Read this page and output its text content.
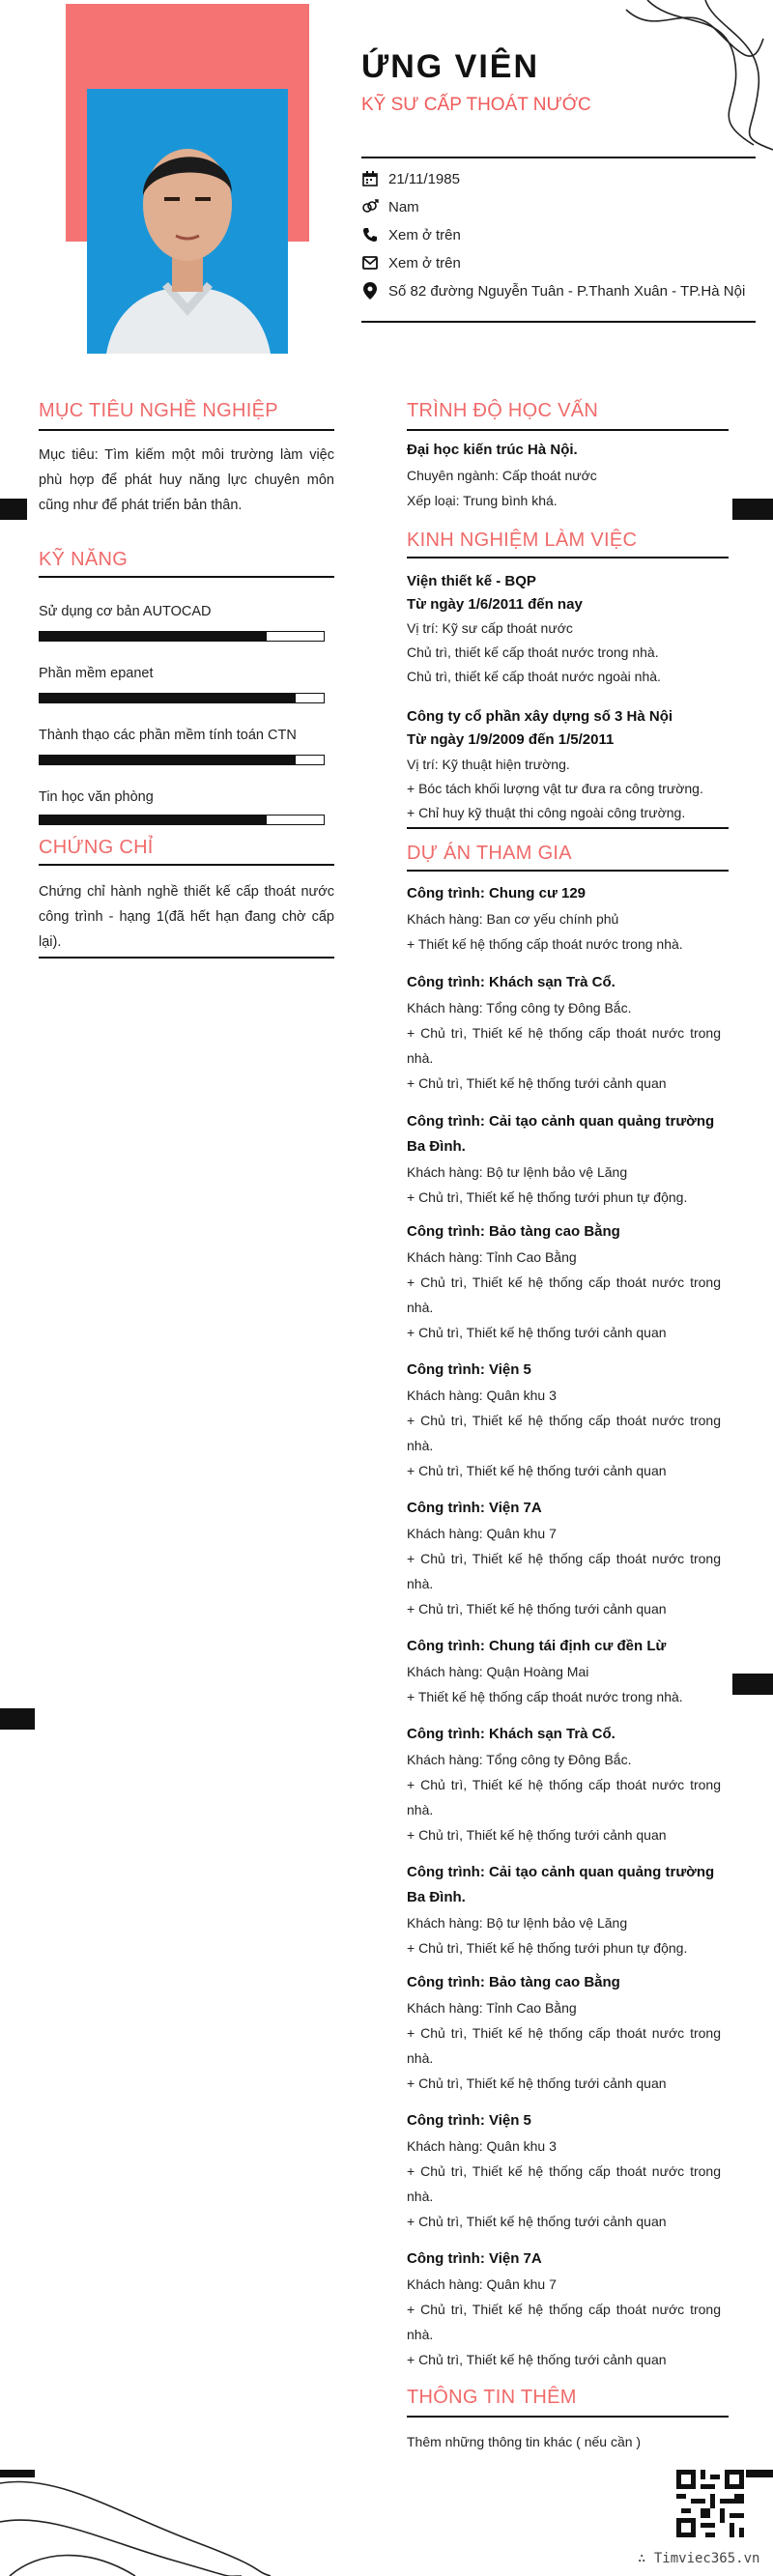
ỨNG VIÊN
KỸ SƯ CẤP THOÁT NƯỚC
21/11/1985
Nam
Xem ở trên
Xem ở trên
Số 82 đường Nguyễn Tuân - P.Thanh Xuân - TP.Hà Nội
MỤC TIÊU NGHỀ NGHIỆP
Mục tiêu: Tìm kiếm một môi trường làm việc phù hợp để phát huy năng lực chuyên môn cũng như để phát triển bản thân.
KỸ NĂNG
Sử dụng cơ bản AUTOCAD
Phần mềm epanet
Thành thạo các phần mềm tính toán CTN
Tin học văn phòng
CHỨNG CHỈ
Chứng chỉ hành nghề thiết kế cấp thoát nước công trình - hạng 1(đã hết hạn đang chờ cấp lại).
TRÌNH ĐỘ HỌC VẤN
Đại học kiến trúc Hà Nội.
Chuyên ngành: Cấp thoát nước
Xếp loại: Trung bình khá.
KINH NGHIỆM LÀM VIỆC
Viện thiết kế - BQP
Từ ngày 1/6/2011 đến nay
Vị trí: Kỹ sư cấp thoát nước
Chủ trì, thiết kế cấp thoát nước trong nhà.
Chủ trì, thiết kế cấp thoát nước ngoài nhà.
Công ty cổ phần xây dựng số 3 Hà Nội
Từ ngày 1/9/2009 đến 1/5/2011
Vị trí: Kỹ thuật hiện trường.
+ Bóc tách khối lượng vật tư đưa ra công trường.
+ Chỉ huy kỹ thuật thi công ngoài công trường.
DỰ ÁN THAM GIA
Công trình: Chung cư 129
Khách hàng: Ban cơ yếu chính phủ
+ Thiết kế hệ thống cấp thoát nước trong nhà.
Công trình: Khách sạn Trà Cổ.
Khách hàng: Tổng công ty Đông Bắc.
+ Chủ trì, Thiết kế hệ thống cấp thoát nước trong nhà.
+ Chủ trì, Thiết kế hệ thống tưới cảnh quan
Công trình: Cải tạo cảnh quan quảng trường Ba Đình.
Khách hàng: Bộ tư lệnh bảo vệ Lăng
+ Chủ trì, Thiết kế hệ thống tưới phun tự động.
Công trình: Bảo tàng cao Bằng
Khách hàng: Tỉnh Cao Bằng
+ Chủ trì, Thiết kế hệ thống cấp thoát nước trong nhà.
+ Chủ trì, Thiết kế hệ thống tưới cảnh quan
Công trình: Viện 5
Khách hàng: Quân khu 3
+ Chủ trì, Thiết kế hệ thống cấp thoát nước trong nhà.
+ Chủ trì, Thiết kế hệ thống tưới cảnh quan
Công trình: Viện 7A
Khách hàng: Quân khu 7
+ Chủ trì, Thiết kế hệ thống cấp thoát nước trong nhà.
+ Chủ trì, Thiết kế hệ thống tưới cảnh quan
Công trình: Chung tái định cư đền Lừ
Khách hàng: Quận Hoàng Mai
+ Thiết kế hệ thống cấp thoát nước trong nhà.
Công trình: Khách sạn Trà Cổ.
Khách hàng: Tổng công ty Đông Bắc.
+ Chủ trì, Thiết kế hệ thống cấp thoát nước trong nhà.
+ Chủ trì, Thiết kế hệ thống tưới cảnh quan
Công trình: Cải tạo cảnh quan quảng trường Ba Đình.
Khách hàng: Bộ tư lệnh bảo vệ Lăng
+ Chủ trì, Thiết kế hệ thống tưới phun tự động.
Công trình: Bảo tàng cao Bằng
Khách hàng: Tỉnh Cao Bằng
+ Chủ trì, Thiết kế hệ thống cấp thoát nước trong nhà.
+ Chủ trì, Thiết kế hệ thống tưới cảnh quan
Công trình: Viện 5
Khách hàng: Quân khu 3
+ Chủ trì, Thiết kế hệ thống cấp thoát nước trong nhà.
+ Chủ trì, Thiết kế hệ thống tưới cảnh quan
Công trình: Viện 7A
Khách hàng: Quân khu 7
+ Chủ trì, Thiết kế hệ thống cấp thoát nước trong nhà.
+ Chủ trì, Thiết kế hệ thống tưới cảnh quan
THÔNG TIN THÊM
Thêm những thông tin khác ( nếu cần )
∴ Timviec365.vn
